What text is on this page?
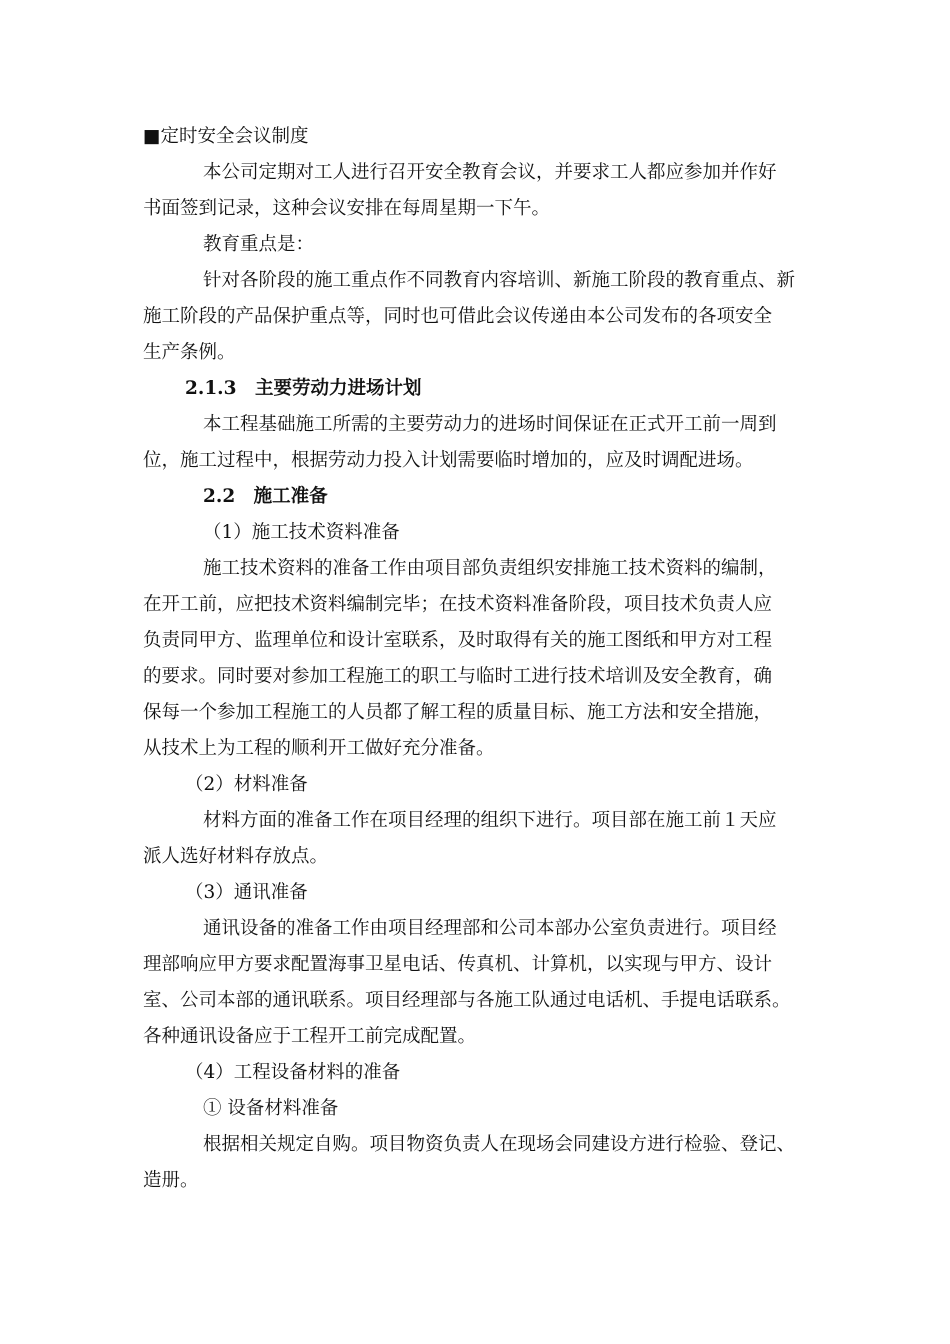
■定时安全会议制度
本公司定期对工人进行召开安全教育会议，并要求工人都应参加并作好
书面签到记录，这种会议安排在每周星期一下午。
教育重点是：
针对各阶段的施工重点作不同教育内容培训、新施工阶段的教育重点、新
施工阶段的产品保护重点等，同时也可借此会议传递由本公司发布的各项安全
生产条例。
2.1.3　主要劳动力进场计划
本工程基础施工所需的主要劳动力的进场时间保证在正式开工前一周到
位，施工过程中，根据劳动力投入计划需要临时增加的，应及时调配进场。
2.2　施工准备
（1）施工技术资料准备
施工技术资料的准备工作由项目部负责组织安排施工技术资料的编制，
在开工前，应把技术资料编制完毕；在技术资料准备阶段，项目技术负责人应
负责同甲方、监理单位和设计室联系，及时取得有关的施工图纸和甲方对工程
的要求。同时要对参加工程施工的职工与临时工进行技术培训及安全教育，确
保每一个参加工程施工的人员都了解工程的质量目标、施工方法和安全措施，
从技术上为工程的顺利开工做好充分准备。
（2）材料准备
材料方面的准备工作在项目经理的组织下进行。项目部在施工前１天应
派人选好材料存放点。
（3）通讯准备
通讯设备的准备工作由项目经理部和公司本部办公室负责进行。项目经
理部响应甲方要求配置海事卫星电话、传真机、计算机，以实现与甲方、设计
室、公司本部的通讯联系。项目经理部与各施工队通过电话机、手提电话联系。
各种通讯设备应于工程开工前完成配置。
（4）工程设备材料的准备
① 设备材料准备
根据相关规定自购。项目物资负责人在现场会同建设方进行检验、登记、
造册。
